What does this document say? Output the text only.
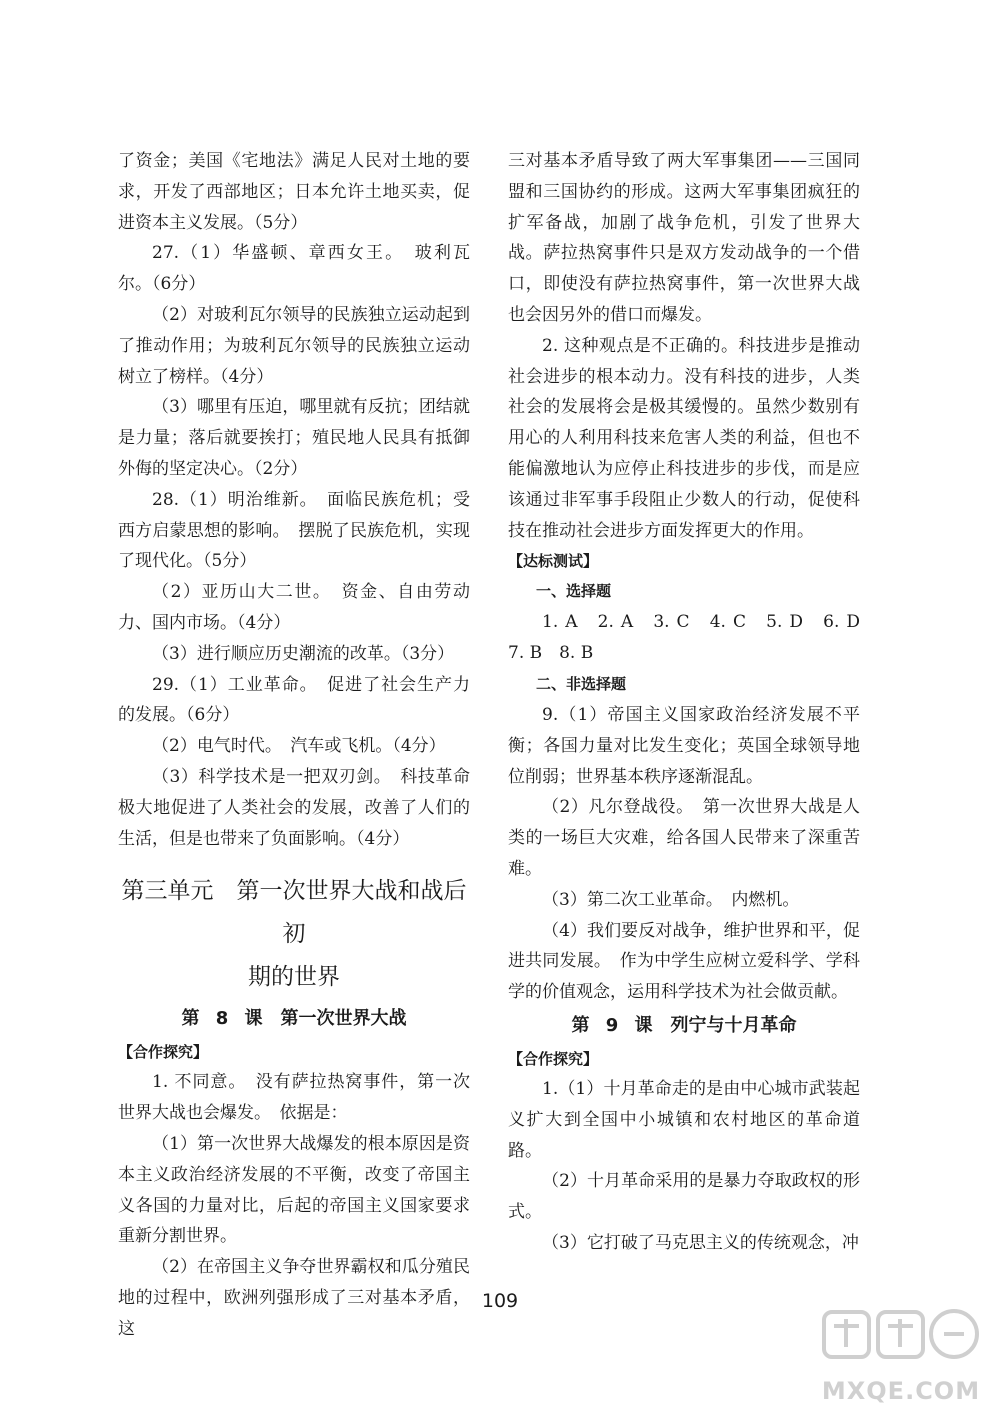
了资金；美国《宅地法》满足人民对土地的要求，开发了西部地区；日本允许土地买卖，促进资本主义发展。（5分）

27.（1）华盛顿、章西女王。　玻利瓦尔。（6分）

（2）对玻利瓦尔领导的民族独立运动起到了推动作用；为玻利瓦尔领导的民族独立运动树立了榜样。（4分）

（3）哪里有压迫，哪里就有反抗；团结就是力量；落后就要挨打；殖民地人民具有抵御外侮的坚定决心。（2分）

28.（1）明治维新。　面临民族危机；受西方启蒙思想的影响。　摆脱了民族危机，实现了现代化。（5分）

（2）亚历山大二世。　资金、自由劳动力、国内市场。（4分）

（3）进行顺应历史潮流的改革。（3分）

29.（1）工业革命。　促进了社会生产力的发展。（6分）

（2）电气时代。　汽车或飞机。（4分）

（3）科学技术是一把双刃剑。　科技革命极大地促进了人类社会的发展，改善了人们的生活，但是也带来了负面影响。（4分）

第三单元　第一次世界大战和战后初
期的世界
第 8 课　第一次世界大战

【合作探究】

1. 不同意。　没有萨拉热窝事件，第一次世界大战也会爆发。　依据是：

（1）第一次世界大战爆发的根本原因是资本主义政治经济发展的不平衡，改变了帝国主义各国的力量对比，后起的帝国主义国家要求重新分割世界。

（2）在帝国主义争夺世界霸权和瓜分殖民地的过程中，欧洲列强形成了三对基本矛盾，这

三对基本矛盾导致了两大军事集团——三国同盟和三国协约的形成。这两大军事集团疯狂的扩军备战，加剧了战争危机，引发了世界大战。萨拉热窝事件只是双方发动战争的一个借口，即使没有萨拉热窝事件，第一次世界大战也会因另外的借口而爆发。

2. 这种观点是不正确的。科技进步是推动社会进步的根本动力。没有科技的进步，人类社会的发展将会是极其缓慢的。虽然少数别有用心的人利用科技来危害人类的利益，但也不能偏激地认为应停止科技进步的步伐，而是应该通过非军事手段阻止少数人的行动，促使科技在推动社会进步方面发挥更大的作用。

【达标测试】

一、选择题

1. A　2. A　3. C　4. C　5. D　6. D　7. B　8. B

二、非选择题

9.（1）帝国主义国家政治经济发展不平衡；各国力量对比发生变化；英国全球领导地位削弱；世界基本秩序逐渐混乱。

（2）凡尔登战役。　第一次世界大战是人类的一场巨大灾难，给各国人民带来了深重苦难。

（3）第二次工业革命。　内燃机。

（4）我们要反对战争，维护世界和平，促进共同发展。　作为中学生应树立爱科学、学科学的价值观念，运用科学技术为社会做贡献。

第 9 课　列宁与十月革命

【合作探究】

1.（1）十月革命走的是由中心城市武装起义扩大到全国中小城镇和农村地区的革命道路。

（2）十月革命采用的是暴力夺取政权的形式。

（3）它打破了马克思主义的传统观念，冲

109
MXQE.COM
